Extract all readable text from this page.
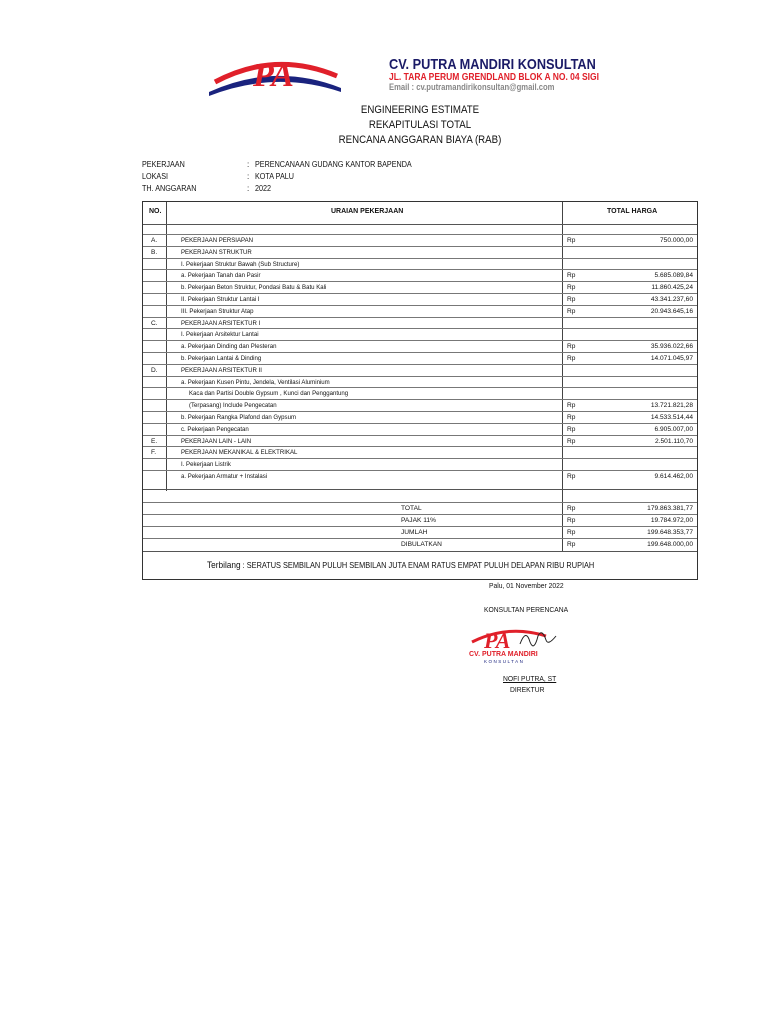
PA	CV. PUTRA MANDIRI KONSULTAN
JL. TARA PERUM GRENDLAND BLOK A NO. 04 SIGI
Email : cv.putramandirikonsultan@gmail.com
ENGINEERING ESTIMATE
REKAPITULASI TOTAL
RENCANA ANGGARAN BIAYA (RAB)
PEKERJAAN	: PERENCANAAN GUDANG KANTOR BAPENDA
LOKASI	: KOTA PALU
TH. ANGGARAN	: 2022
NO.	URAIAN PEKERJAAN	TOTAL HARGA
A.	PEKERJAAN PERSIAPAN	Rp	750.000,00
B.	PEKERJAAN STRUKTUR
I. Pekerjaan Struktur Bawah (Sub Structure)
a. Pekerjaan Tanah dan Pasir	Rp	5.685.089,84
b. Pekerjaan Beton Struktur, Pondasi Batu & Batu Kali	Rp	11.860.425,24
II. Pekerjaan Struktur Lantai I	Rp	43.341.237,60
III. Pekerjaan Struktur Atap	Rp	20.943.645,16
C.	PEKERJAAN ARSITEKTUR I
I. Pekerjaan Arsitektur Lantai
a. Pekerjaan Dinding dan Plesteran	Rp	35.936.022,66
b. Pekerjaan Lantai & Dinding	Rp	14.071.045,97
D.	PEKERJAAN ARSITEKTUR II
a. Pekerjaan Kusen Pintu, Jendela, Ventilasi Aluminium
Kaca dan Partisi Double Gypsum , Kunci dan Penggantung
(Terpasang) Include Pengecatan	Rp	13.721.821,28
b. Pekerjaan Rangka Plafond dan Gypsum	Rp	14.533.514,44
c. Pekerjaan Pengecatan	Rp	6.905.007,00
E.	PEKERJAAN LAIN - LAIN	Rp	2.501.110,70
F.	PEKERJAAN MEKANIKAL & ELEKTRIKAL
I. Pekerjaan Listrik
a. Pekerjaan Armatur + Instalasi	Rp	9.614.462,00
TOTAL	Rp	179.863.381,77
PAJAK 11%	Rp	19.784.972,00
JUMLAH	Rp	199.648.353,77
DIBULATKAN	Rp	199.648.000,00
Terbilang : SERATUS SEMBILAN PULUH SEMBILAN JUTA ENAM RATUS EMPAT PULUH DELAPAN RIBU RUPIAH
Palu, 01 November 2022
KONSULTAN PERENCANA
PA
CV. PUTRA MANDIRI
KONSULTAN
NOFI PUTRA, ST
DIREKTUR
